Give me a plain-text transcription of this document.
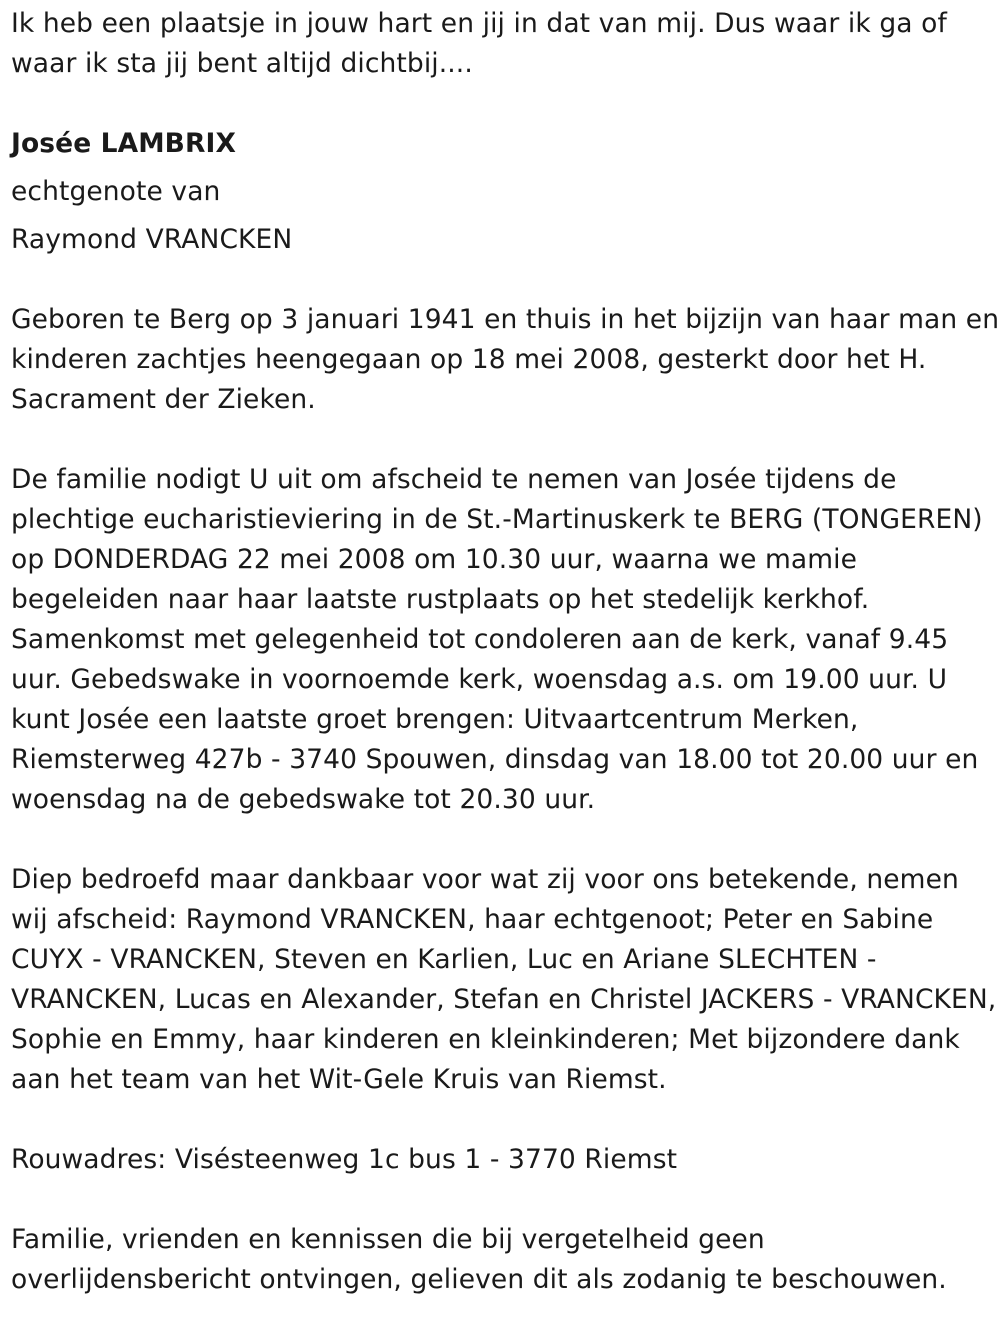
Ik heb een plaatsje in jouw hart en jij in dat van mij. Dus waar ik ga of
waar ik sta jij bent altijd dichtbij....

Josée LAMBRIX

echtgenote van

Raymond VRANCKEN

Geboren te Berg op 3 januari 1941 en thuis in het bijzijn van haar man en
kinderen zachtjes heengegaan op 18 mei 2008, gesterkt door het H.
Sacrament der Zieken.

De familie nodigt U uit om afscheid te nemen van Josée tijdens de
plechtige eucharistieviering in de St.-Martinuskerk te BERG (TONGEREN)
op DONDERDAG 22 mei 2008 om 10.30 uur, waarna we mamie
begeleiden naar haar laatste rustplaats op het stedelijk kerkhof.
Samenkomst met gelegenheid tot condoleren aan de kerk, vanaf 9.45
uur. Gebedswake in voornoemde kerk, woensdag a.s. om 19.00 uur. U
kunt Josée een laatste groet brengen: Uitvaartcentrum Merken,
Riemsterweg 427b - 3740 Spouwen, dinsdag van 18.00 tot 20.00 uur en
woensdag na de gebedswake tot 20.30 uur.

Diep bedroefd maar dankbaar voor wat zij voor ons betekende, nemen
wij afscheid: Raymond VRANCKEN, haar echtgenoot; Peter en Sabine
CUYX - VRANCKEN, Steven en Karlien, Luc en Ariane SLECHTEN -
VRANCKEN, Lucas en Alexander, Stefan en Christel JACKERS - VRANCKEN,
Sophie en Emmy, haar kinderen en kleinkinderen; Met bijzondere dank
aan het team van het Wit-Gele Kruis van Riemst.

Rouwadres: Visésteenweg 1c bus 1 - 3770 Riemst

Familie, vrienden en kennissen die bij vergetelheid geen
overlijdensbericht ontvingen, gelieven dit als zodanig te beschouwen.
